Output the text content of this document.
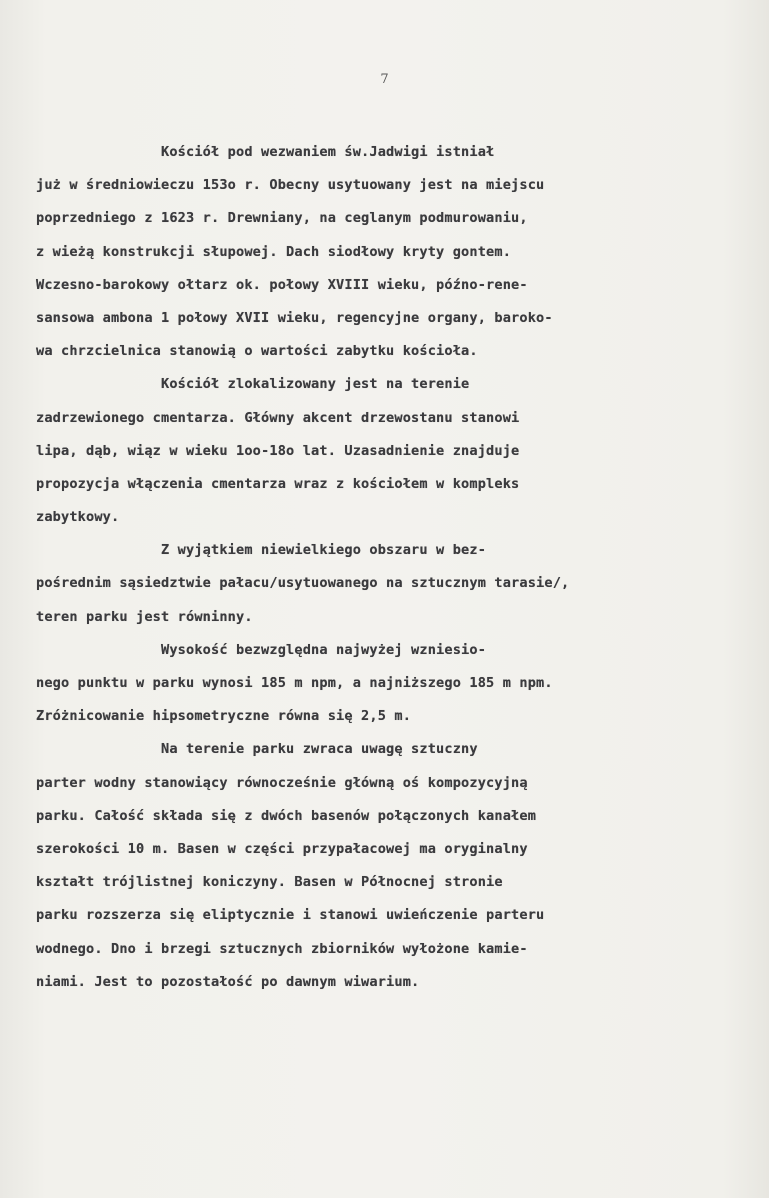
7
Kościół pod wezwaniem św.Jadwigi istniał
już w średniowieczu 153o r. Obecny usytuowany jest na miejscu
poprzedniego z 1623 r. Drewniany, na ceglanym podmurowaniu,
z wieżą konstrukcji słupowej. Dach siodłowy kryty gontem.
Wczesno-barokowy ołtarz ok. połowy XVIII wieku, późno-rene-
sansowa ambona 1 połowy XVII wieku, regencyjne organy, baroko-
wa chrzcielnica stanowią o wartości zabytku kościoła.
Kościół zlokalizowany jest na terenie
zadrzewionego cmentarza. Główny akcent drzewostanu stanowi
lipa, dąb, wiąz w wieku 1oo-18o lat. Uzasadnienie znajduje
propozycja włączenia cmentarza wraz z kościołem w kompleks
zabytkowy.
Z wyjątkiem niewielkiego obszaru w bez-
pośrednim sąsiedztwie pałacu/usytuowanego na sztucznym tarasie/,
teren parku jest równinny.
Wysokość bezwzględna najwyżej wzniesio-
nego punktu w parku wynosi 185 m npm, a najniższego 185 m npm.
Zróżnicowanie hipsometryczne równa się 2,5 m.
Na terenie parku zwraca uwagę sztuczny
parter wodny stanowiący równocześnie główną oś kompozycyjną
parku. Całość składa się z dwóch basenów połączonych kanałem
szerokości 10 m. Basen w części przypałacowej ma oryginalny
kształt trójlistnej koniczyny. Basen w Północnej stronie
parku rozszerza się eliptycznie i stanowi uwieńczenie parteru
wodnego. Dno i brzegi sztucznych zbiorników wyłożone kamie-
niami. Jest to pozostałość po dawnym wiwarium.
